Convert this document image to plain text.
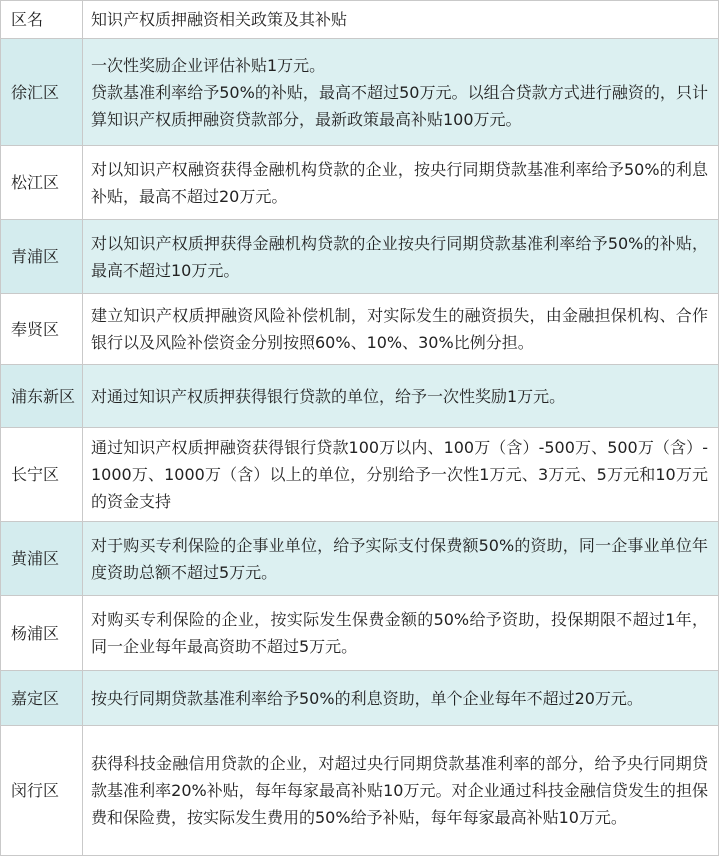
区名	知识产权质押融资相关政策及其补贴
徐汇区	一次性奖励企业评估补贴1万元。
贷款基准利率给予50%的补贴，最高不超过50万元。以组合贷款方式进行融资的，只计算知识产权质押融资贷款部分，最新政策最高补贴100万元。

松江区	对以知识产权融资获得金融机构贷款的企业，按央行同期贷款基准利率给予50%的利息补贴，最高不超过20万元。
青浦区	对以知识产权质押获得金融机构贷款的企业按央行同期贷款基准利率给予50%的补贴，最高不超过10万元。
奉贤区	建立知识产权质押融资风险补偿机制，对实际发生的融资损失，由金融担保机构、合作银行以及风险补偿资金分别按照60%、10%、30%比例分担。
浦东新区	对通过知识产权质押获得银行贷款的单位，给予一次性奖励1万元。
长宁区	通过知识产权质押融资获得银行贷款100万以内、100万（含）-500万、500万（含）-1000万、1000万（含）以上的单位，分别给予一次性1万元、3万元、5万元和10万元的资金支持
黄浦区	对于购买专利保险的企事业单位，给予实际支付保费额50%的资助，同一企事业单位年度资助总额不超过5万元。
杨浦区	对购买专利保险的企业，按实际发生保费金额的50%给予资助，投保期限不超过1年，同一企业每年最高资助不超过5万元。
嘉定区	按央行同期贷款基准利率给予50%的利息资助，单个企业每年不超过20万元。
闵行区	获得科技金融信用贷款的企业，对超过央行同期贷款基准利率的部分，给予央行同期贷款基准利率20%补贴，每年每家最高补贴10万元。对企业通过科技金融信贷发生的担保费和保险费，按实际发生费用的50%给予补贴，每年每家最高补贴10万元。
